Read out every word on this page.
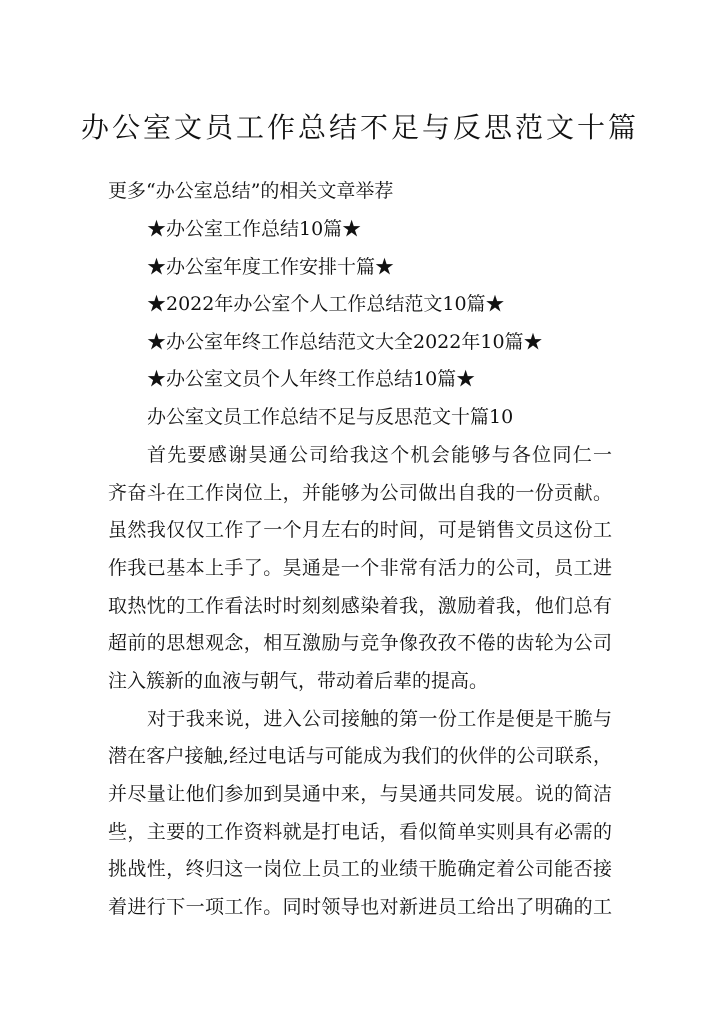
办公室文员工作总结不足与反思范文十篇
更多“办公室总结”的相关文章举荐
★办公室工作总结10篇★
★办公室年度工作安排十篇★
★2022年办公室个人工作总结范文10篇★
★办公室年终工作总结范文大全2022年10篇★
★办公室文员个人年终工作总结10篇★
办公室文员工作总结不足与反思范文十篇10
首先要感谢昊通公司给我这个机会能够与各位同仁一
齐奋斗在工作岗位上，并能够为公司做出自我的一份贡献。
虽然我仅仅工作了一个月左右的时间，可是销售文员这份工
作我已基本上手了。昊通是一个非常有活力的公司，员工进
取热忱的工作看法时时刻刻感染着我，激励着我，他们总有
超前的思想观念，相互激励与竞争像孜孜不倦的齿轮为公司
注入簇新的血液与朝气，带动着后辈的提高。
对于我来说，进入公司接触的第一份工作是便是干脆与
潜在客户接触,经过电话与可能成为我们的伙伴的公司联系，
并尽量让他们参加到昊通中来，与昊通共同发展。说的简洁
些，主要的工作资料就是打电话，看似简单实则具有必需的
挑战性，终归这一岗位上员工的业绩干脆确定着公司能否接
着进行下一项工作。同时领导也对新进员工给出了明确的工
